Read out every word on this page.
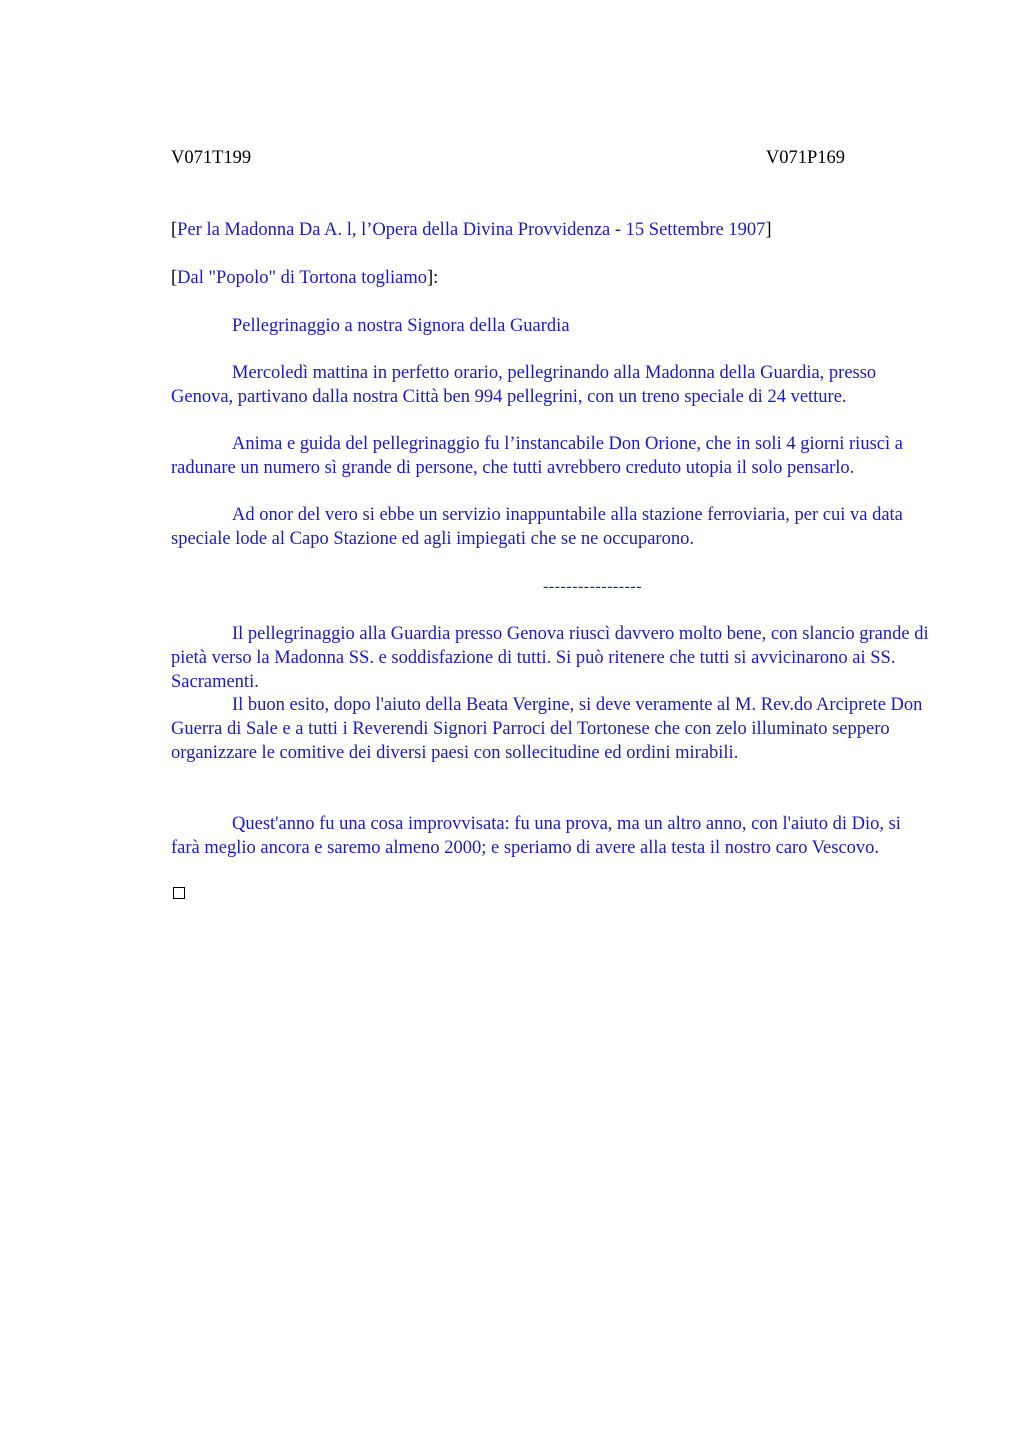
V071T199	V071P169
[Per la Madonna Da A. l, l’Opera della Divina Provvidenza - 15 Settembre 1907]
[Dal "Popolo" di Tortona togliamo]:
Pellegrinaggio a nostra Signora della Guardia
Mercoledì mattina in perfetto orario, pellegrinando alla Madonna della Guardia, presso Genova, partivano dalla nostra Città ben 994 pellegrini, con un treno speciale di 24 vetture.
Anima e guida del pellegrinaggio fu l’instancabile Don Orione, che in soli 4 giorni riuscì a radunare un numero sì grande di persone, che tutti avrebbero creduto utopia il solo pensarlo.
Ad onor del vero si ebbe un servizio inappuntabile alla stazione ferroviaria, per cui va data speciale lode al Capo Stazione ed agli impiegati che se ne occuparono.
-----------------
Il pellegrinaggio alla Guardia presso Genova riuscì davvero molto bene, con slancio grande di pietà verso la Madonna SS. e soddisfazione di tutti. Si può ritenere che tutti si avvicinarono ai SS. Sacramenti.
Il buon esito, dopo l'aiuto della Beata Vergine, si deve veramente al M. Rev.do Arciprete Don Guerra di Sale e a tutti i Reverendi Signori Parroci del Tortonese che con zelo illuminato seppero organizzare le comitive dei diversi paesi con sollecitudine ed ordini mirabili.
Quest'anno fu una cosa improvvisata: fu una prova, ma un altro anno, con l'aiuto di Dio, si farà meglio ancora e saremo almeno 2000; e speriamo di avere alla testa il nostro caro Vescovo.
